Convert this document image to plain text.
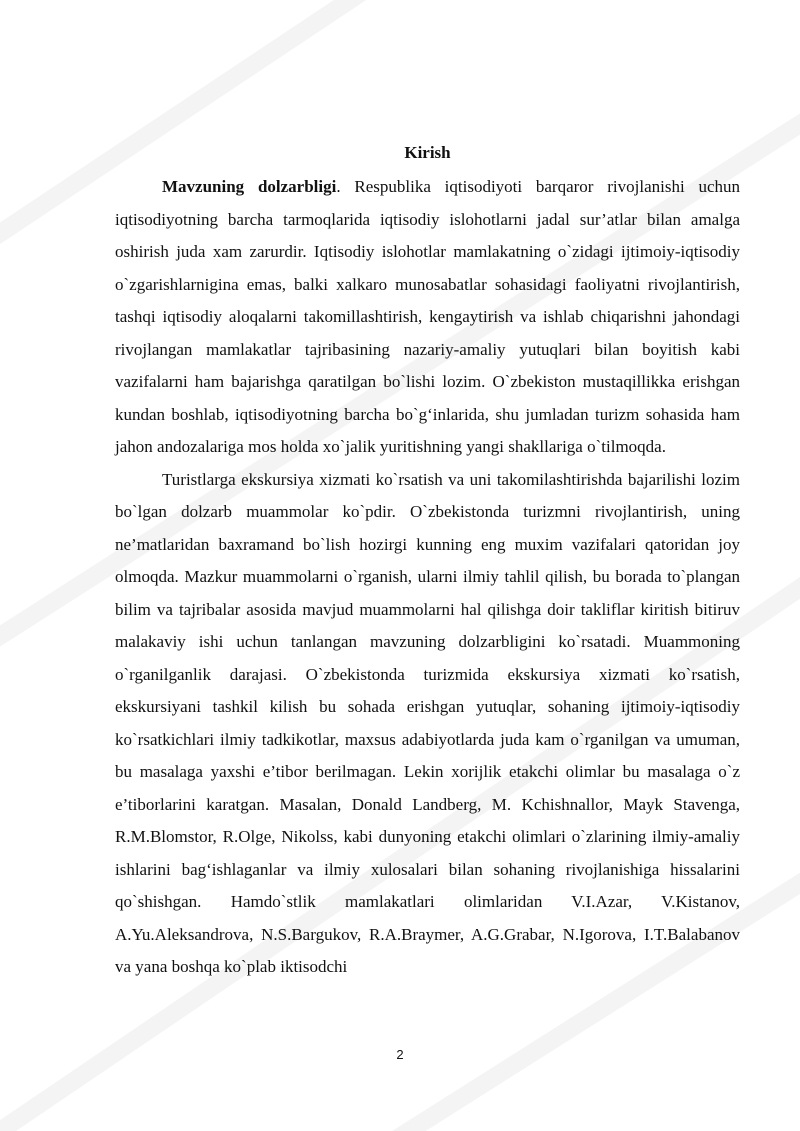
Kirish

Mavzuning dolzarbligi. Respublika iqtisodiyoti barqaror rivojlanishi uchun iqtisodiyotning barcha tarmoqlarida iqtisodiy islohotlarni jadal sur’atlar bilan amalga oshirish juda xam zarurdir. Iqtisodiy islohotlar mamlakatning o`zidagi ijtimoiy-iqtisodiy o`zgarishlarnigina emas, balki xalkaro munosabatlar sohasidagi faoliyatni rivojlantirish, tashqi iqtisodiy aloqalarni takomillashtirish, kengaytirish va ishlab chiqarishni jahondagi rivojlangan mamlakatlar tajribasining nazariy-amaliy yutuqlari bilan boyitish kabi vazifalarni ham bajarishga qaratilgan bo`lishi lozim. O`zbekiston mustaqillikka erishgan kundan boshlab, iqtisodiyotning barcha bo`g‘inlarida, shu jumladan turizm sohasida ham jahon andozalariga mos holda xo`jalik yuritishning yangi shakllariga o`tilmoqda.

Turistlarga ekskursiya xizmati ko`rsatish va uni takomilashtirishda bajarilishi lozim bo`lgan dolzarb muammolar ko`pdir. O`zbekistonda turizmni rivojlantirish, uning ne’matlaridan baxramand bo`lish hozirgi kunning eng muxim vazifalari qatoridan joy olmoqda. Mazkur muammolarni o`rganish, ularni ilmiy tahlil qilish, bu borada to`plangan bilim va tajribalar asosida mavjud muammolarni hal qilishga doir takliflar kiritish bitiruv malakaviy ishi uchun tanlangan mavzuning dolzarbligini ko`rsatadi. Muammoning o`rganilganlik darajasi. O`zbekistonda turizmida ekskursiya xizmati ko`rsatish, ekskursiyani tashkil kilish bu sohada erishgan yutuqlar, sohaning ijtimoiy-iqtisodiy ko`rsatkichlari ilmiy tadkikotlar, maxsus adabiyotlarda juda kam o`rganilgan va umuman, bu masalaga yaxshi e’tibor berilmagan. Lekin xorijlik etakchi olimlar bu masalaga o`z e’tiborlarini karatgan. Masalan, Donald Landberg, M. Kchishnallor, Mayk Stavenga, R.M.Blomstor, R.Olge, Nikolss, kabi dunyoning etakchi olimlari o`zlarining ilmiy-amaliy ishlarini bag‘ishlaganlar va ilmiy xulosalari bilan sohaning rivojlanishiga hissalarini qo`shishgan. Hamdo`stlik mamlakatlari olimlaridan V.I.Azar, V.Kistanov, A.Yu.Aleksandrova, N.S.Bargukov, R.A.Braymer, A.G.Grabar, N.Igorova, I.T.Balabanov va yana boshqa ko`plab iktisodchi

2
